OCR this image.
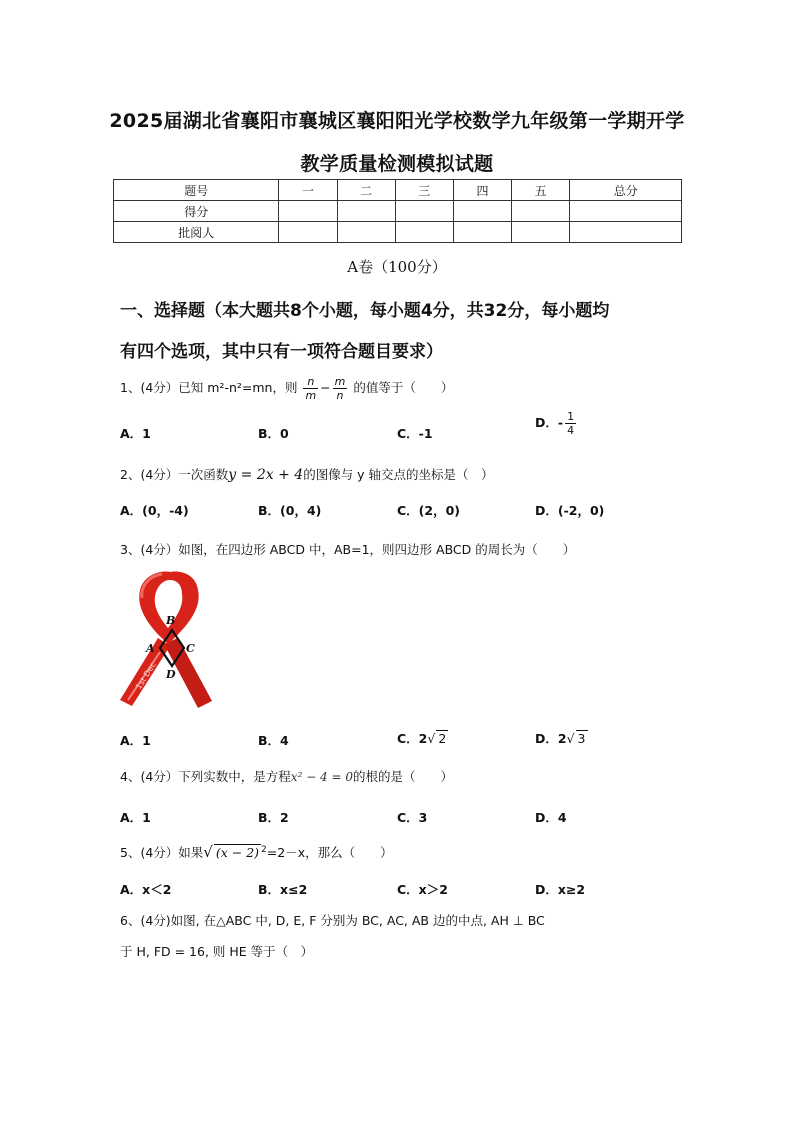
2025届湖北省襄阳市襄城区襄阳阳光学校数学九年级第一学期开学
教学质量检测模拟试题
题号	一	二	三	四	五	总分
得分						
批阅人						
A卷（100分）
一、选择题（本大题共8个小题，每小题4分，共32分，每小题均
有四个选项，其中只有一项符合题目要求）
1、(4分）已知 m²-n²=mn，则 $\frac{n}{m} - \frac{m}{n}$ 的值等于（　　）
A．1	B．0	C．-1
D．- $\frac{1}{4}$
2、(4分）一次函数y = 2x + 4的图像与 y 轴交点的坐标是（　）
A．(0，-4)	B．(0，4)	C．(2，0)	D．(-2，0)
3、(4分）如图，在四边形 ABCD 中，AB=1，则四边形 ABCD 的周长为（　　）
1st Dec
B
A	C
D
A．1	B．4	C．2√ 2	D．2√ 3
4、(4分）下列实数中，是方程x² − 4 = 0的根的是（　　）
A．1	B．2	C．3	D．4
5、(4分）如果√ (x − 2) $^2$=2－x，那么（　　）
A．x＜2	B．x≤2	C．x＞2	D．x≥2
6、(4分)如图, 在△ABC 中, D, E, F 分别为 BC, AC, AB 边的中点, AH ⊥ BC
于 H, FD = 16, 则 HE 等于（　）
